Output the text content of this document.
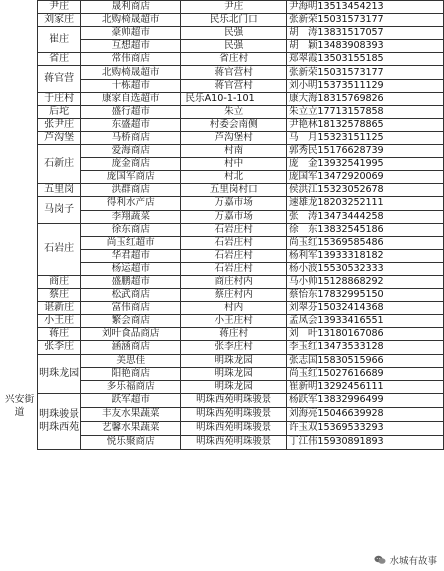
	尹庄	晟利商店	尹庄	尹海明13513454213
	刘家庄	北购椅晟超市	民乐北门口	张新荣15031573177
	崔庄	豪帅超市	民强	胡　涛13831517057
		互想超市	民强	胡　颖13483908393
	省庄	常伟商店	省庄村	郑翠霞13503155185
	蒋官营	北购椅晟超市	蒋官营村	张新荣15031573177
		十栋超市	蒋官营村	刘小明15373511129
	于庄村	康家自选超市	民乐A10-1-101	康大海18315769826
	后坨	盛行超市	朱立	朱立立17713157858
	张尹庄	东盛超市	村委会南侧	尹艳林18132578865
	芦沟堡	马桥商店	芦沟堡村	马　月15323151125
	石新庄	爱海商店	村南	郭秀民15176628739
		庞金商店	村中	庞　金13932541995
		庞国军商店	村北	庞国军13472920069
	五里岗	洪群商店	五里岗村口	侯洪江15323052678
	马岗子	得利水产店	万嘉市场	速雄龙18203252111
		李翔蔬菜	万嘉市场	张　涛13473444258
	石岩庄	徐东商店	石岩庄村	徐　东13832545186
		尚玉红超市	石岩庄村	尚玉红15369585486
		华君超市	石岩庄村	杨利军13933318182
		杨运超市	石岩庄村	杨小波15530532333
	商庄	盛鹏超市	商庄村内	马小帅15128868292
	蔡庄	松武商店	蔡庄村内	蔡怡东17832995150
	谌新庄	富伟商店	村内	刘翠芬15032414368
	小王庄	繁会商店	小王庄村	孟凤会13933416551
	蒋庄	刘叶食品商店	蒋庄村	刘　叶13180167086
	张李庄	涵涵商店	张李庄村	李玉红13473533128
	明珠龙园	美思佳	明珠龙园	张志国15830515966
		阳艳商店	明珠龙园	尚玉红15027616689
		多乐福商店	明珠龙园	崔新明13292456111
兴安街道	明珠骏景明珠西苑	跃军超市	明珠西苑明珠骏景	杨跃军13832996499
		丰友水果蔬菜	明珠西苑明珠骏景	刘海亮15046639928
		艺馨水果蔬菜	明珠西苑明珠骏景	许玉双15369533293
		悦乐聚商店	明珠西苑明珠骏景	丁江伟15930891893
水城有故事
